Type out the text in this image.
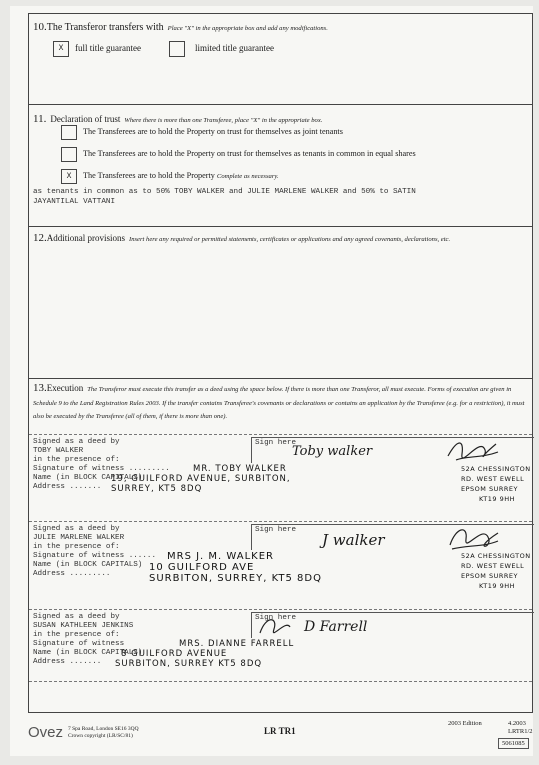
10.The Transferor transfers with Place "X" in the appropriate box and add any modifications.
X	full title guarantee	limited title guarantee
11. Declaration of trust Where there is more than one Transferee, place "X" in the appropriate box.
The Transferees are to hold the Property on trust for themselves as joint tenants
The Transferees are to hold the Property on trust for themselves as tenants in common in equal shares
X	The Transferees are to hold the Property Complete as necessary.
as tenants in common as to 50% TOBY WALKER and JULIE MARLENE WALKER and 50% to SATIN
JAYANTILAL VATTANI
12.Additional provisions Insert here any required or permitted statements, certificates or applications and any agreed covenants, declarations, etc.
13.Execution The Transferor must execute this transfer as a deed using the space below. If there is more than one Transferor, all must execute. Forms of execution are given in Schedule 9 to the Land Registration Rules 2003. If the transfer contains Transferee's covenants or declarations or contains an application by the Transferee (e.g. for a restriction), it must also be executed by the Transferee (all of them, if there is more than one).
Signed as a deed by
TOBY WALKER
in the presence of:
Signature of witness .........
Name (in BLOCK CAPITALS)
Address .......
Sign here
Toby walker
MR. TOBY WALKER
19, GUILFORD AVENUE, SURBITON,
SURREY, KT5 8DQ
52A CHESSINGTON
RD. WEST EWELL
EPSOM SURREY
KT19 9HH
Signed as a deed by
JULIE MARLENE WALKER
in the presence of:
Signature of witness ......
Name (in BLOCK CAPITALS)
Address .........
Sign here
J walker
MRS J. M. WALKER
10 GUILFORD AVE
SURBITON, SURREY, KT5 8DQ
52A CHESSINGTON
RD. WEST EWELL
EPSOM SURREY
KT19 9HH
Signed as a deed by
SUSAN KATHLEEN JENKINS
in the presence of:
Signature of witness
Name (in BLOCK CAPITALS)
Address .......
Sign here
D Farrell
MRS. DIANNE FARRELL
8 GUILFORD AVENUE
SURBITON, SURREY KT5 8DQ
Ovez 7 Spa Road, London SE16 3QQ
Crown copyright (LR/SC/81)	LR TR1
2003 Edition	4.2003
LRTR1/2
5061085
